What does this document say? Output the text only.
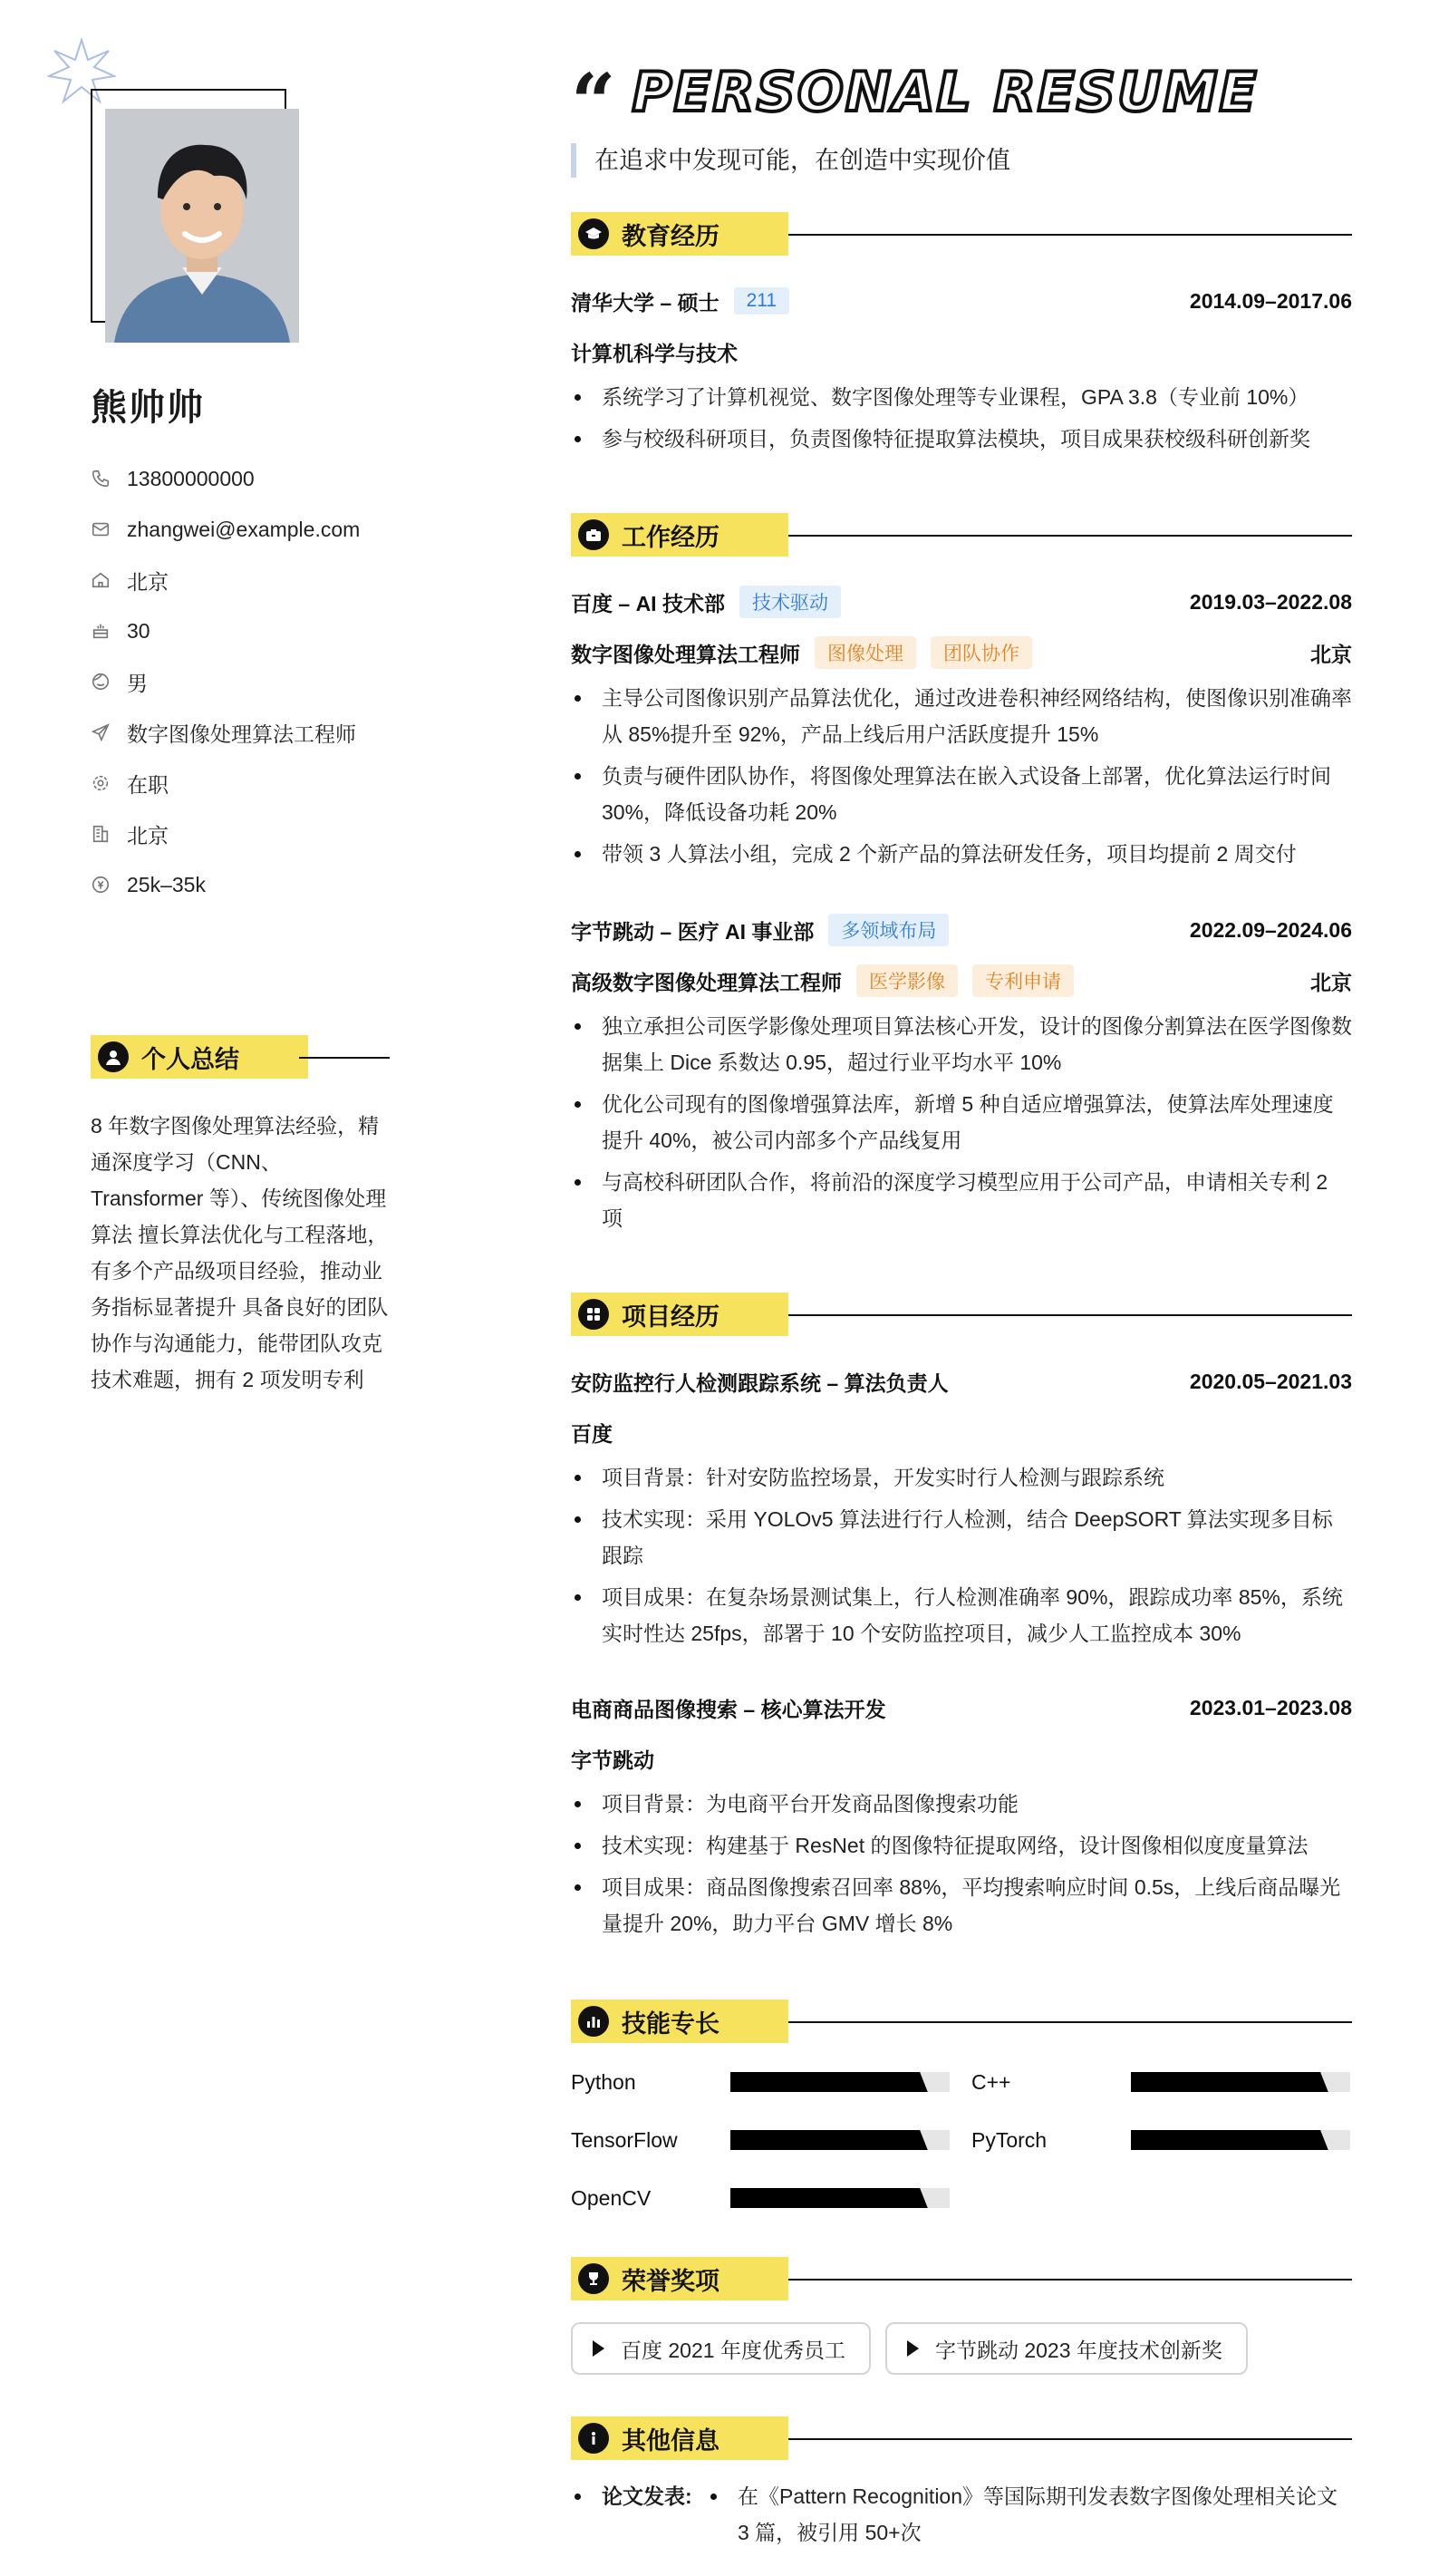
熊帅帅
13800000000
zhangwei@example.com
北京
30
男
数字图像处理算法工程师
在职
北京
25k–35k
个人总结

8 年数字图像处理算法经验，精通深度学习（CNN、Transformer 等）、传统图像处理算法 擅长算法优化与工程落地，有多个产品级项目经验，推动业务指标显著提升 具备良好的团队协作与沟通能力，能带团队攻克技术难题，拥有 2 项发明专利

“ PERSONAL RESUME
在追求中发现可能，在创造中实现价值
教育经历
清华大学 – 硕士	211	2014.09–2017.06
计算机科学与技术
系统学习了计算机视觉、数字图像处理等专业课程，GPA 3.8（专业前 10%）
参与校级科研项目，负责图像特征提取算法模块，项目成果获校级科研创新奖
工作经历
百度 – AI 技术部	技术驱动	2019.03–2022.08
数字图像处理算法工程师	图像处理	团队协作	北京
主导公司图像识别产品算法优化，通过改进卷积神经网络结构，使图像识别准确率从 85%提升至 92%，产品上线后用户活跃度提升 15%
负责与硬件团队协作，将图像处理算法在嵌入式设备上部署，优化算法运行时间 30%，降低设备功耗 20%
带领 3 人算法小组，完成 2 个新产品的算法研发任务，项目均提前 2 周交付
字节跳动 – 医疗 AI 事业部	多领域布局	2022.09–2024.06
高级数字图像处理算法工程师	医学影像	专利申请	北京
独立承担公司医学影像处理项目算法核心开发，设计的图像分割算法在医学图像数据集上 Dice 系数达 0.95，超过行业平均水平 10%
优化公司现有的图像增强算法库，新增 5 种自适应增强算法，使算法库处理速度提升 40%，被公司内部多个产品线复用
与高校科研团队合作，将前沿的深度学习模型应用于公司产品，申请相关专利 2 项
项目经历
安防监控行人检测跟踪系统 – 算法负责人	2020.05–2021.03
百度
项目背景：针对安防监控场景，开发实时行人检测与跟踪系统
技术实现：采用 YOLOv5 算法进行行人检测，结合 DeepSORT 算法实现多目标跟踪
项目成果：在复杂场景测试集上，行人检测准确率 90%，跟踪成功率 85%，系统实时性达 25fps，部署于 10 个安防监控项目，减少人工监控成本 30%
电商商品图像搜索 – 核心算法开发	2023.01–2023.08
字节跳动
项目背景：为电商平台开发商品图像搜索功能
技术实现：构建基于 ResNet 的图像特征提取网络，设计图像相似度度量算法
项目成果：商品图像搜索召回率 88%，平均搜索响应时间 0.5s，上线后商品曝光量提升 20%，助力平台 GMV 增长 8%
技能专长
Python	C++
TensorFlow	PyTorch
OpenCV
荣誉奖项
百度 2021 年度优秀员工	字节跳动 2023 年度技术创新奖
其他信息
论文发表:	在《Pattern Recognition》等国际期刊发表数字图像处理相关论文 3 篇，被引用 50+次
